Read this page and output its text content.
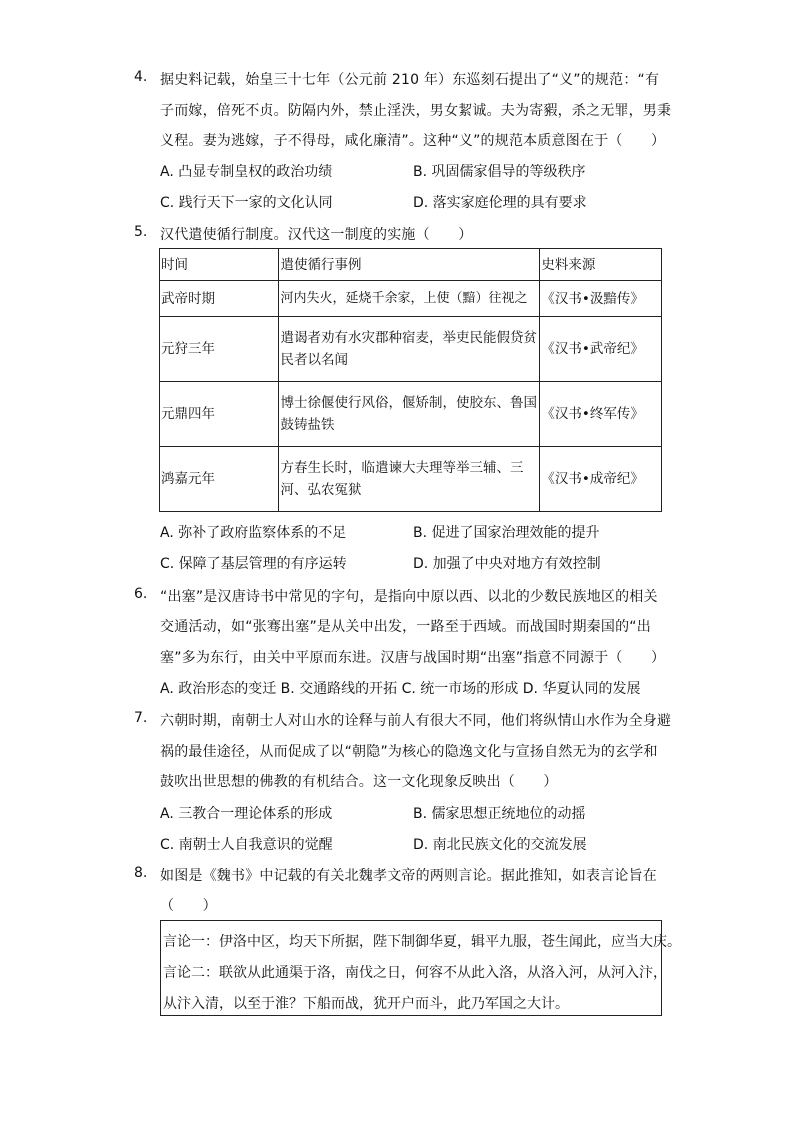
4. 据史料记载，始皇三十七年（公元前 210 年）东巡刻石提出了“义”的规范：“有
子而嫁，倍死不贞。防隔内外，禁止淫泆，男女絜诚。夫为寄豭，杀之无罪，男秉
义程。妻为逃嫁，子不得母，咸化廉清”。这种“义”的规范本质意图在于（　　）
A. 凸显专制皇权的政治功绩	B. 巩固儒家倡导的等级秩序
C. 践行天下一家的文化认同	D. 落实家庭伦理的具有要求
5. 汉代遣使循行制度。汉代这一制度的实施（　　）
时间	遣使循行事例	史料来源
武帝时期	河内失火，延烧千余家，上使（黯）往视之	《汉书•汲黯传》
元狩三年	遣谒者劝有水灾郡种宿麦，举吏民能假贷贫民者以名闻	《汉书•武帝纪》
元鼎四年	博士徐偃使行风俗，偃矫制，使胶东、鲁国鼓铸盐铁	《汉书•终军传》
鸿嘉元年	方春生长时，临遣谏大夫理等举三辅、三河、弘农冤狱	《汉书•成帝纪》
A. 弥补了政府监察体系的不足	B. 促进了国家治理效能的提升
C. 保障了基层管理的有序运转	D. 加强了中央对地方有效控制
6. “出塞”是汉唐诗书中常见的字句，是指向中原以西、以北的少数民族地区的相关
交通活动，如“张骞出塞”是从关中出发，一路至于西域。而战国时期秦国的“出
塞”多为东行，由关中平原而东进。汉唐与战国时期“出塞”指意不同源于（　　）
A. 政治形态的变迁 B. 交通路线的开拓 C. 统一市场的形成 D. 华夏认同的发展
7. 六朝时期，南朝士人对山水的诠释与前人有很大不同，他们将纵情山水作为全身避
祸的最佳途径，从而促成了以“朝隐”为核心的隐逸文化与宣扬自然无为的玄学和
鼓吹出世思想的佛教的有机结合。这一文化现象反映出（　　）
A. 三教合一理论体系的形成	B. 儒家思想正统地位的动摇
C. 南朝士人自我意识的觉醒	D. 南北民族文化的交流发展
8. 如图是《魏书》中记载的有关北魏孝文帝的两则言论。据此推知，如表言论旨在
（　　）
言论一：伊洛中区，均天下所据，陛下制御华夏，辑平九服，苍生闻此，应当大庆。
言论二：联欲从此通渠于洛，南伐之日，何容不从此入洛，从洛入河，从河入汴，
从汴入清，以至于淮？下船而战，犹开户而斗，此乃军国之大计。
